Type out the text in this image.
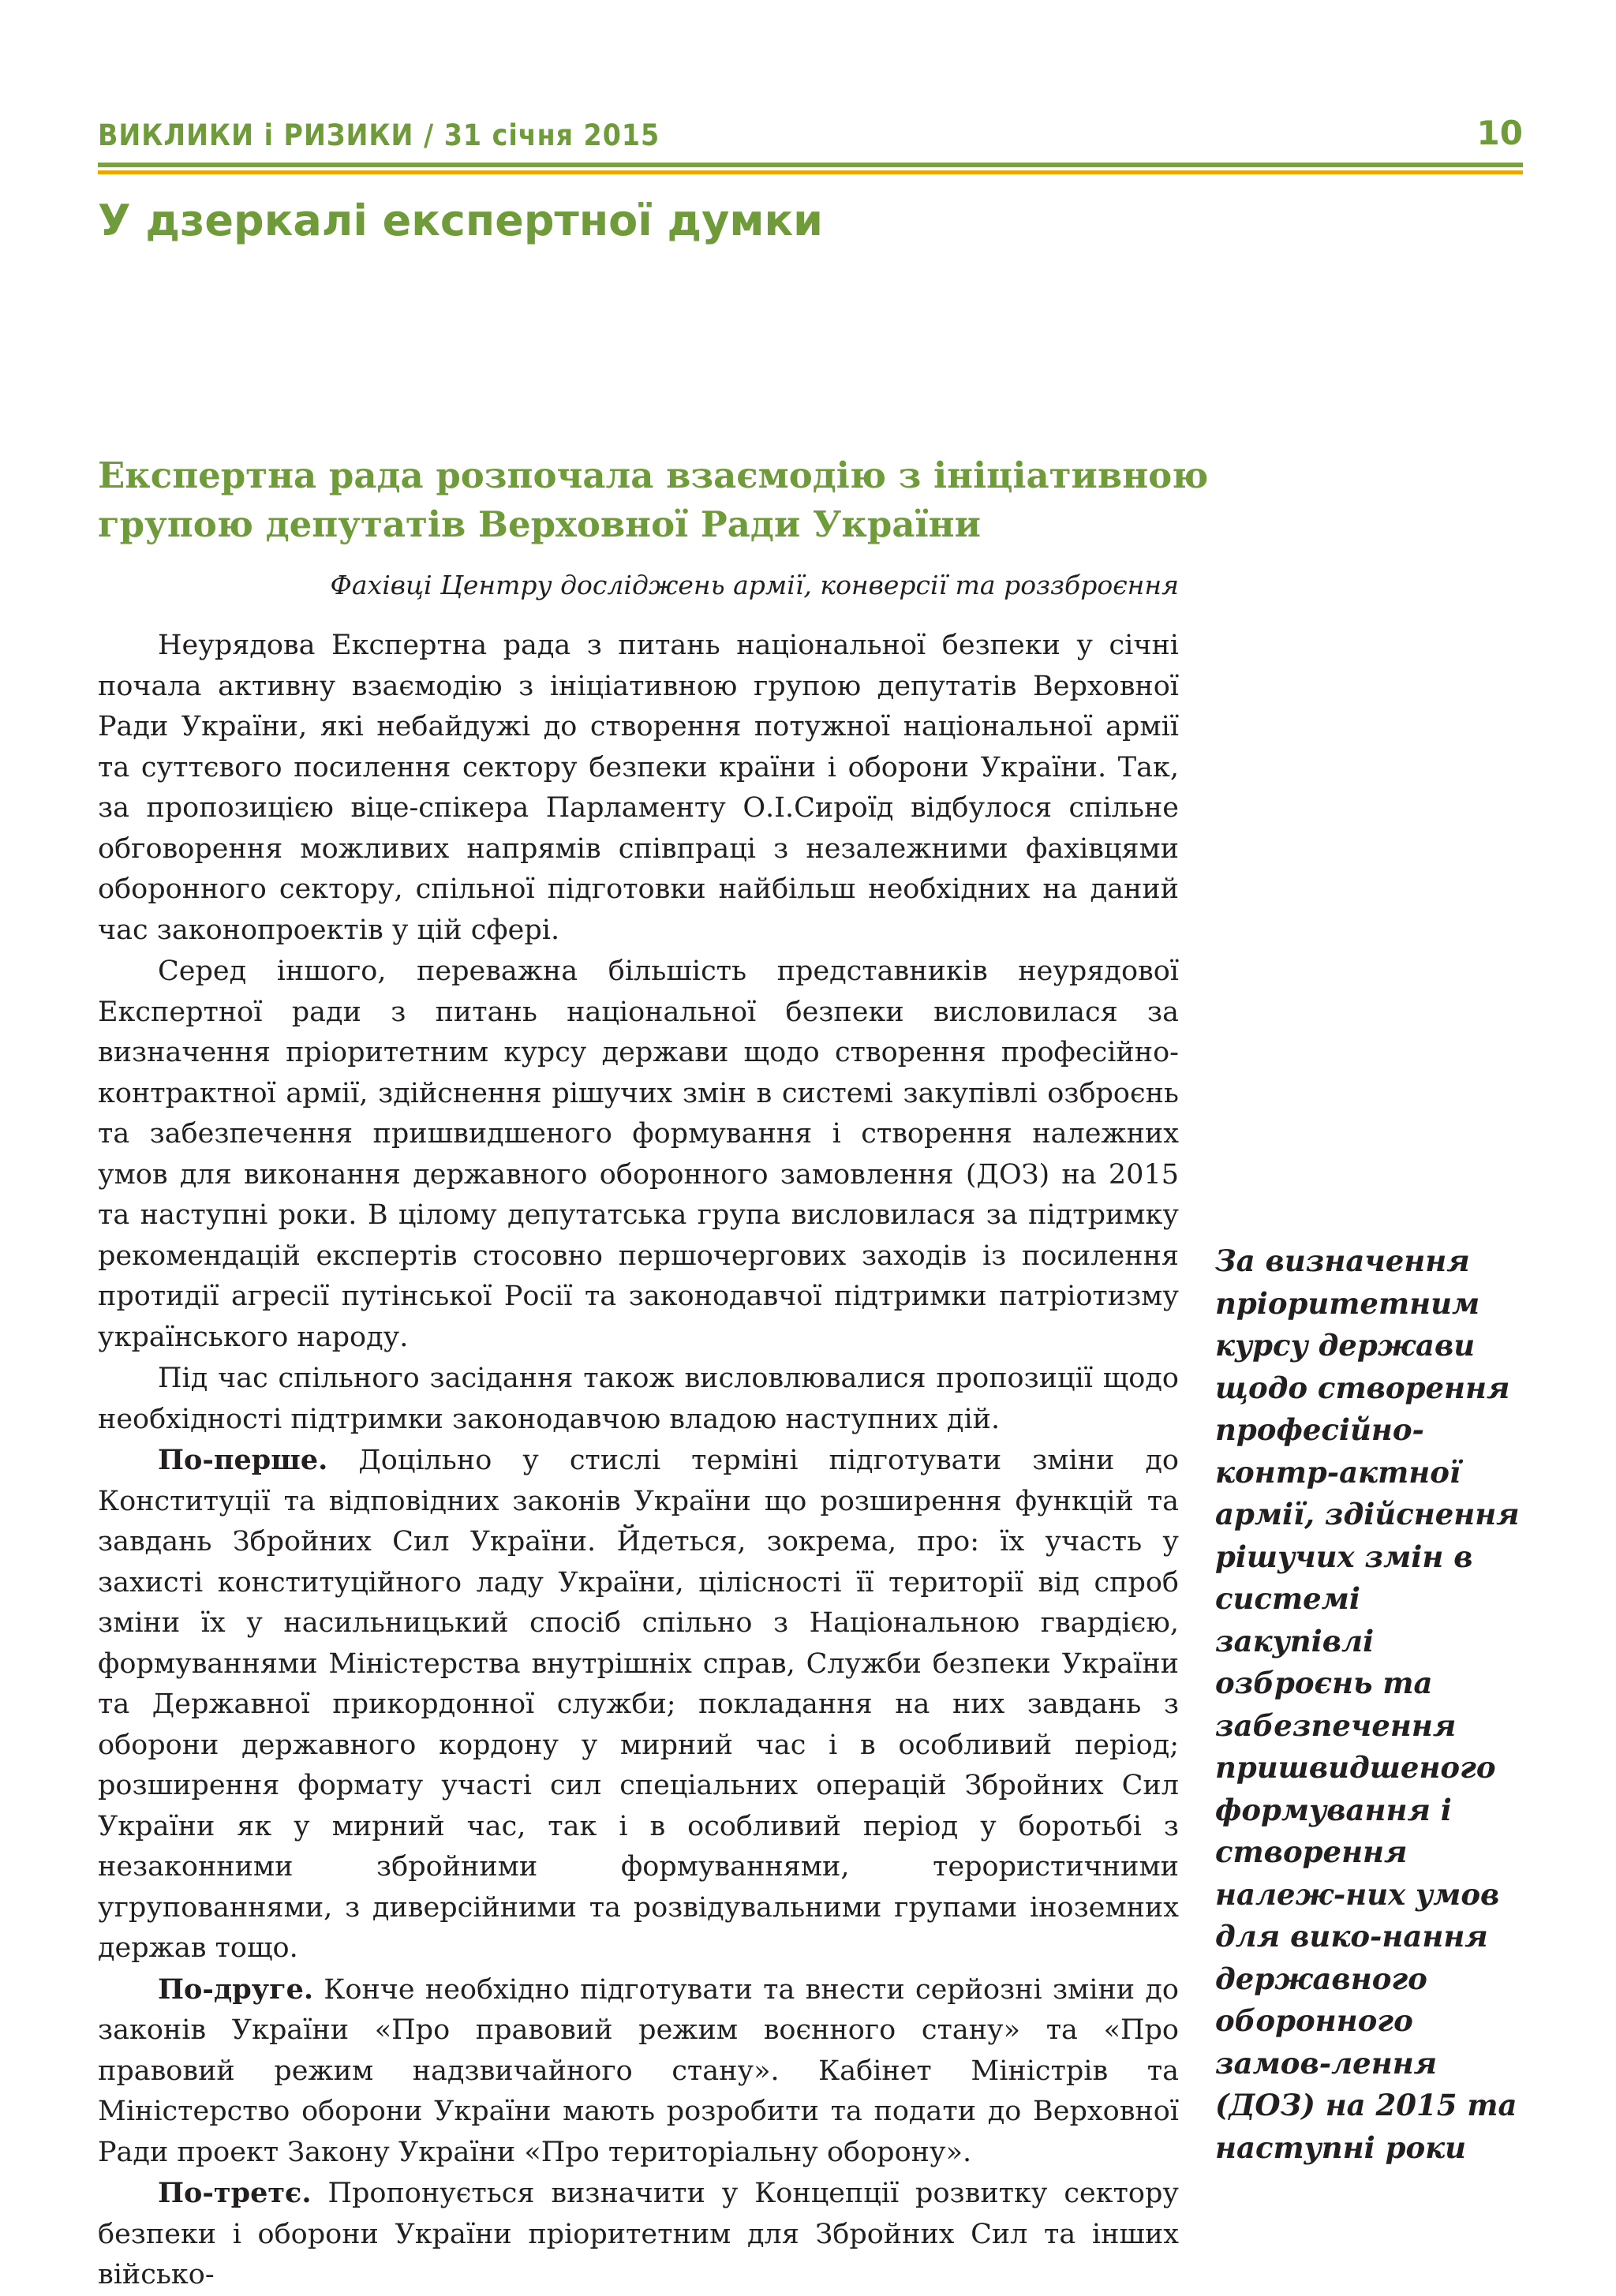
ВИКЛИКИ і РИЗИКИ / 31 січня 2015	10
У дзеркалі експертної думки
Експертна рада розпочала взаємодію з ініціативною групою депутатів Верховної Ради України
Фахівці Центру досліджень армії, конверсії та роззброєння

Неурядова Експертна рада з питань національної безпеки у січні почала активну взаємодію з ініціативною групою депутатів Верховної Ради України, які небайдужі до створення потужної національної армії та суттєвого посилення сектору безпеки країни і оборони України. Так, за пропозицією віце-спікера Парламенту О.І.Сироїд відбулося спільне обговорення можливих напрямів співпраці з незалежними фахівцями оборонного сектору, спільної підготовки найбільш необхідних на даний час законопроектів у цій сфері.

Серед іншого, переважна більшість представників неурядової Експертної ради з питань національної безпеки висловилася за визначення пріоритетним курсу держави щодо створення професійно-контрактної армії, здійснення рішучих змін в системі закупівлі озброєнь та забезпечення пришвидшеного формування і створення належних умов для виконання державного оборонного замовлення (ДОЗ) на 2015 та наступні роки. В цілому депутатська група висловилася за підтримку рекомендацій експертів стосовно першочергових заходів із посилення протидії агресії путінської Росії та законодавчої підтримки патріотизму українського народу.

Під час спільного засідання також висловлювалися пропозиції щодо необхідності підтримки законодавчою владою наступних дій.

По-перше. Доцільно у стислі терміні підготувати зміни до Конституції та відповідних законів України що розширення функцій та завдань Збройних Сил України. Йдеться, зокрема, про: їх участь у захисті конституційного ладу України, цілісності її території від спроб зміни їх у насильницький спосіб спільно з Національною гвардією, формуваннями Міністерства внутрішніх справ, Служби безпеки України та Державної прикордонної служби; покладання на них завдань з оборони державного кордону у мирний час і в особливий період; розширення формату участі сил спеціальних операцій Збройних Сил України як у мирний час, так і в особливий період у боротьбі з незаконними збройними формуваннями, терористичними угрупованнями, з диверсійними та розвідувальними групами іноземних держав тощо.

По-друге. Конче необхідно підготувати та внести серйозні зміни до законів України «Про правовий режим воєнного стану» та «Про правовий режим надзвичайного стану». Кабінет Міністрів та Міністерство оборони України мають розробити та подати до Верховної Ради проект Закону України «Про територіальну оборону».

По-третє. Пропонується визначити у Концепції розвитку сектору безпеки і оборони України пріоритетним для Збройних Сил та інших військо-

За визначення пріоритетним курсу держави щодо створення професійно-контр-актної армії, здійснення рішучих змін в системі закупівлі озброєнь та забезпечення пришвидшеного формування і створення належ-них умов для вико-нання державного оборонного замов-лення (ДОЗ) на 2015 та наступні роки
